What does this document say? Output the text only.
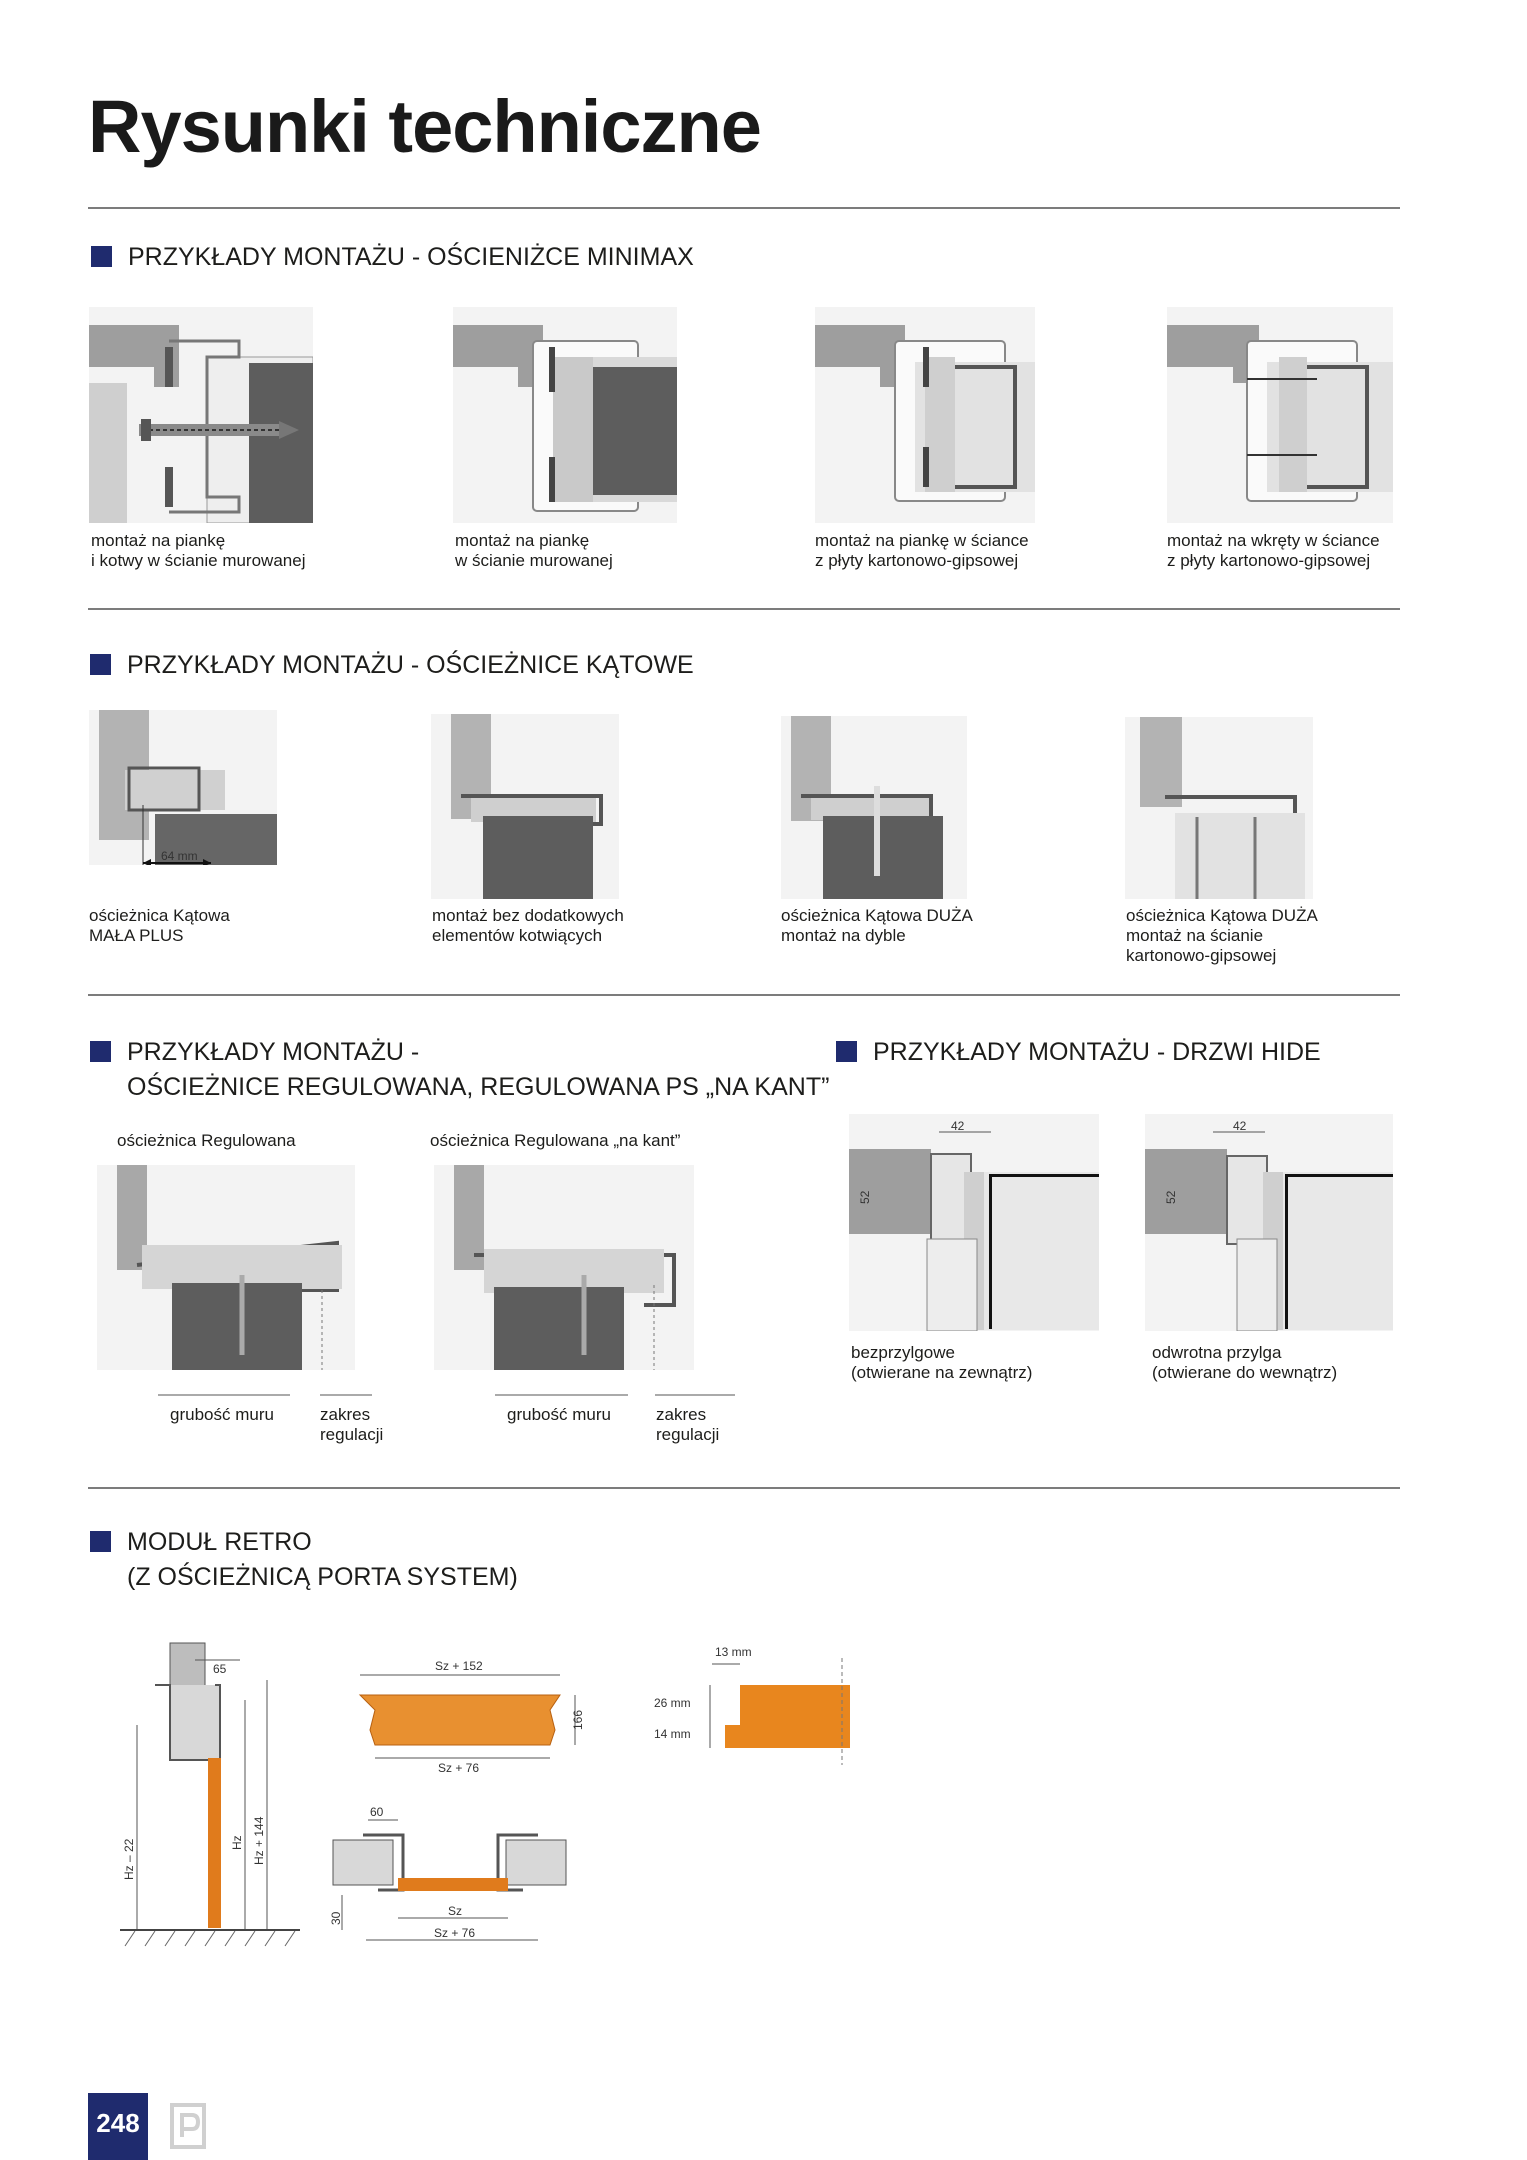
Rysunki techniczne
PRZYKŁADY MONTAŻU - OŚCIENIŻCE MINIMAX
montaż na piankę
i kotwy w ścianie murowanej
montaż na piankę
w ścianie murowanej
montaż na piankę w ściance
z płyty kartonowo-gipsowej
montaż na wkręty w ściance
z płyty kartonowo-gipsowej
PRZYKŁADY MONTAŻU - OŚCIEŻNICE KĄTOWE
64 mm
ościeżnica Kątowa
MAŁA PLUS
montaż bez dodatkowych
elementów kotwiących
ościeżnica Kątowa DUŻA
montaż na dyble
ościeżnica Kątowa DUŻA
montaż na ścianie
kartonowo-gipsowej
PRZYKŁADY MONTAŻU -
OŚCIEŻNICE REGULOWANA, REGULOWANA PS „NA KANT”
ościeżnica Regulowana	ościeżnica Regulowana „na kant”
grubość muru	zakres
regulacji
grubość muru	zakres
regulacji
PRZYKŁADY MONTAŻU - DRZWI HIDE
42
52
42
52
bezprzylgowe
(otwierane na zewnątrz)
odwrotna przylga
(otwierane do wewnątrz)
MODUŁ RETRO
(Z OŚCIEŻNICĄ PORTA SYSTEM)
65
Hz – 22	Hz Hz + 144
Sz + 152
166
Sz + 76
60
30
Sz
Sz + 76
13 mm
26 mm
14 mm
248
